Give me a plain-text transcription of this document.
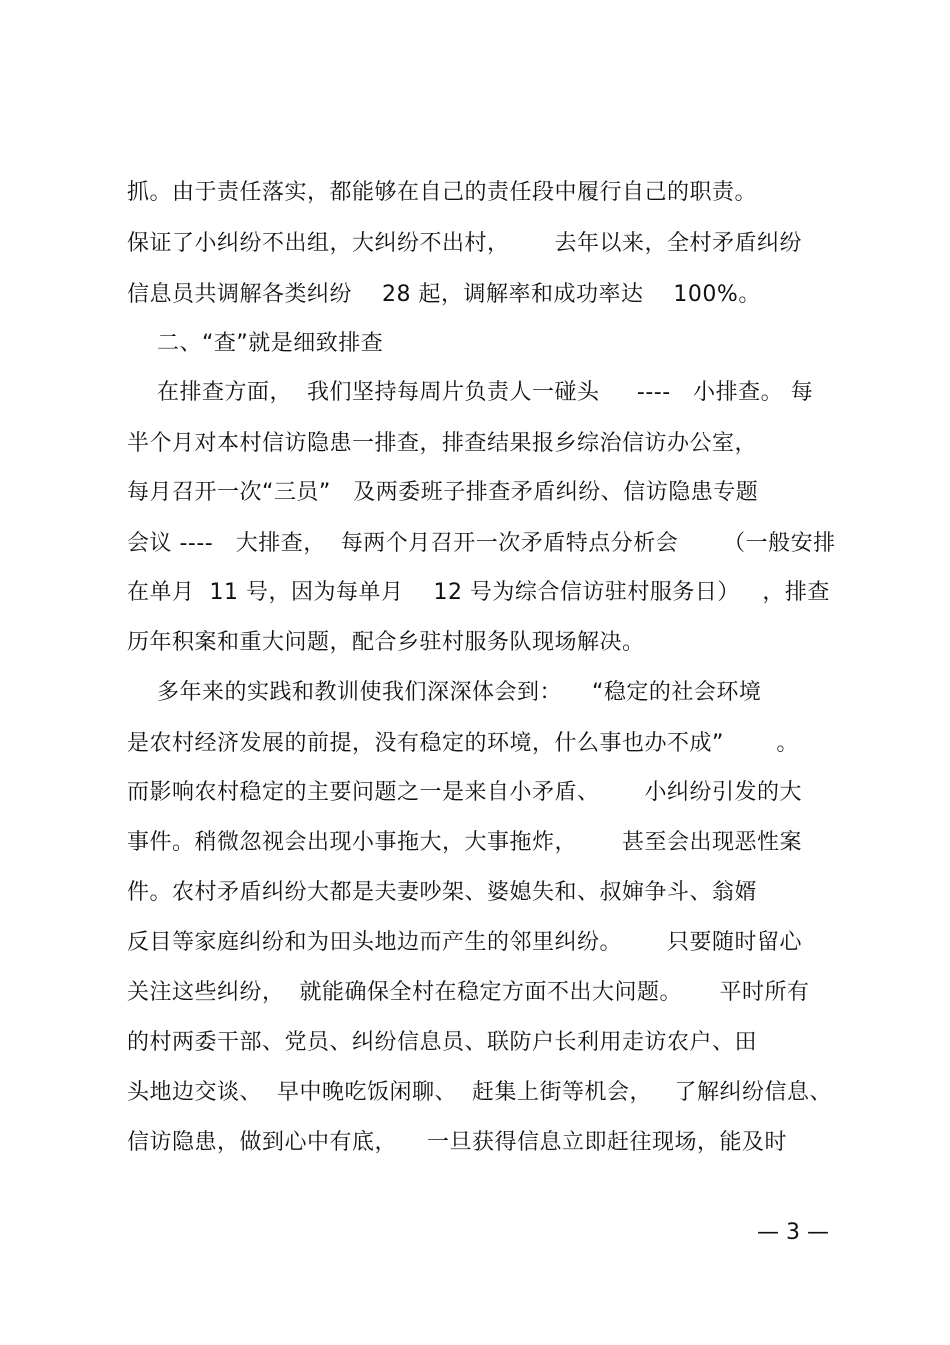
抓。由于责任落实，都能够在自己的责任段中履行自己的职责。
保证了小纠纷不出组，大纠纷不出村，      去年以来，全村矛盾纠纷
信息员共调解各类纠纷    28 起，调解率和成功率达    100%。
二、“查”就是细致排查
在排查方面，  我们坚持每周片负责人一碰头     ----   小排查。 每
半个月对本村信访隐患一排查，排查结果报乡综治信访办公室，
每月召开一次“三员”   及两委班子排查矛盾纠纷、信访隐患专题
会议 ----   大排查，  每两个月召开一次矛盾特点分析会      （一般安排
在单月  11 号，因为每单月    12 号为综合信访驻村服务日）   ，排查
历年积案和重大问题，配合乡驻村服务队现场解决。
多年来的实践和教训使我们深深体会到：    “稳定的社会环境
是农村经济发展的前提，没有稳定的环境，什么事也办不成”       。
而影响农村稳定的主要问题之一是来自小矛盾、      小纠纷引发的大
事件。稍微忽视会出现小事拖大，大事拖炸，      甚至会出现恶性案
件。农村矛盾纠纷大都是夫妻吵架、婆媳失和、叔婶争斗、翁婿
反目等家庭纠纷和为田头地边而产生的邻里纠纷。      只要随时留心
关注这些纠纷，  就能确保全村在稳定方面不出大问题。     平时所有
的村两委干部、党员、纠纷信息员、联防户长利用走访农户、田
头地边交谈、  早中晚吃饭闲聊、  赶集上街等机会，   了解纠纷信息、
信访隐患，做到心中有底，    一旦获得信息立即赶往现场，能及时
— 3 —
